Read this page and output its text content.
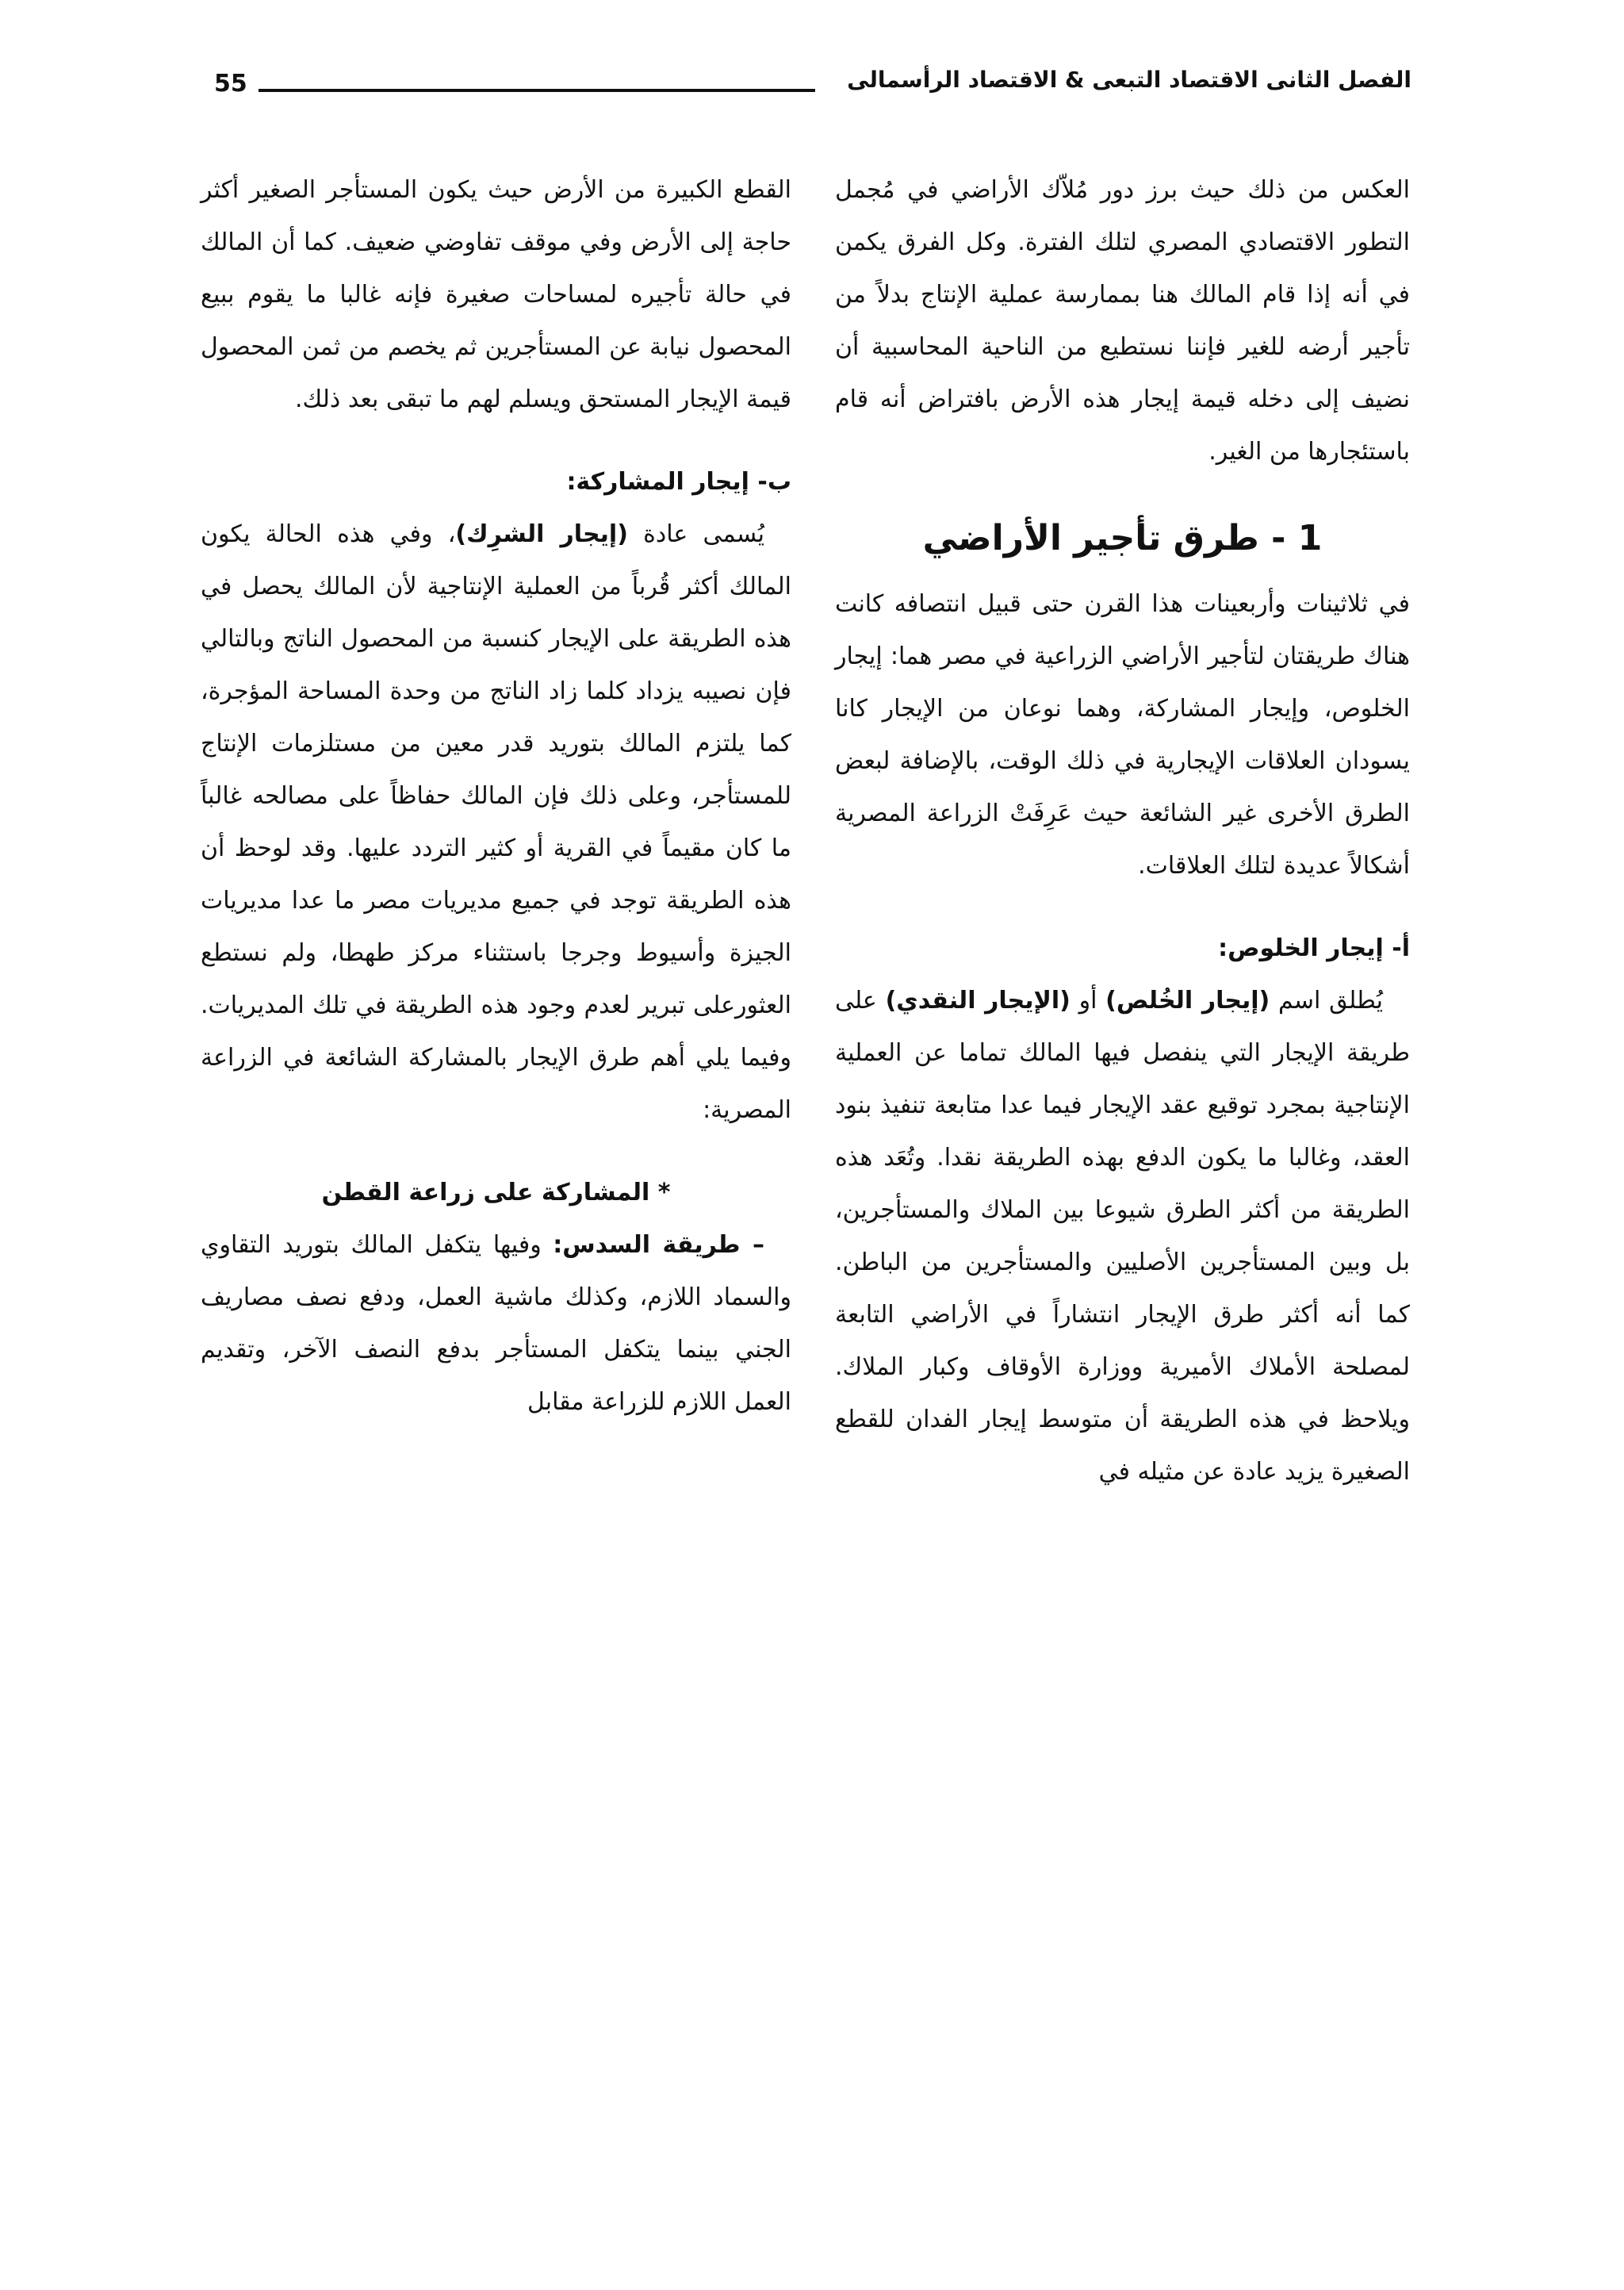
الفصل الثانى الاقتصاد التبعى & الاقتصاد الرأسمالى
55

العكس من ذلك حيث برز دور مُلاّك الأراضي في مُجمل التطور الاقتصادي المصري لتلك الفترة. وكل الفرق يكمن في أنه إذا قام المالك هنا بممارسة عملية الإنتاج بدلاً من تأجير أرضه للغير فإننا نستطيع من الناحية المحاسبية أن نضيف إلى دخله قيمة إيجار هذه الأرض بافتراض أنه قام باستئجارها من الغير.

1 - طرق تأجير الأراضي

في ثلاثينات وأربعينات هذا القرن حتى قبيل انتصافه كانت هناك طريقتان لتأجير الأراضي الزراعية في مصر هما: إيجار الخلوص، وإيجار المشاركة، وهما نوعان من الإيجار كانا يسودان العلاقات الإيجارية في ذلك الوقت، بالإضافة لبعض الطرق الأخرى غير الشائعة حيث عَرِفَتْ الزراعة المصرية أشكالاً عديدة لتلك العلاقات.

أ- إيجار الخلوص:

يُطلق اسم (إيجار الخُلص) أو (الإيجار النقدي) على طريقة الإيجار التي ينفصل فيها المالك تماما عن العملية الإنتاجية بمجرد توقيع عقد الإيجار فيما عدا متابعة تنفيذ بنود العقد، وغالبا ما يكون الدفع بهذه الطريقة نقدا. وتُعَد هذه الطريقة من أكثر الطرق شيوعا بين الملاك والمستأجرين، بل وبين المستأجرين الأصليين والمستأجرين من الباطن. كما أنه أكثر طرق الإيجار انتشاراً في الأراضي التابعة لمصلحة الأملاك الأميرية ووزارة الأوقاف وكبار الملاك. ويلاحظ في هذه الطريقة أن متوسط إيجار الفدان للقطع الصغيرة يزيد عادة عن مثيله في

القطع الكبيرة من الأرض حيث يكون المستأجر الصغير أكثر حاجة إلى الأرض وفي موقف تفاوضي ضعيف. كما أن المالك في حالة تأجيره لمساحات صغيرة فإنه غالبا ما يقوم ببيع المحصول نيابة عن المستأجرين ثم يخصم من ثمن المحصول قيمة الإيجار المستحق ويسلم لهم ما تبقى بعد ذلك.

ب- إيجار المشاركة:

يُسمى عادة (إيجار الشرِك)، وفي هذه الحالة يكون المالك أكثر قُرباً من العملية الإنتاجية لأن المالك يحصل في هذه الطريقة على الإيجار كنسبة من المحصول الناتج وبالتالي فإن نصيبه يزداد كلما زاد الناتج من وحدة المساحة المؤجرة، كما يلتزم المالك بتوريد قدر معين من مستلزمات الإنتاج للمستأجر، وعلى ذلك فإن المالك حفاظاً على مصالحه غالباً ما كان مقيماً في القرية أو كثير التردد عليها. وقد لوحظ أن هذه الطريقة توجد في جميع مديريات مصر ما عدا مديريات الجيزة وأسيوط وجرجا باستثناء مركز طهطا، ولم نستطع العثورعلى تبرير لعدم وجود هذه الطريقة في تلك المديريات. وفيما يلي أهم طرق الإيجار بالمشاركة الشائعة في الزراعة المصرية:

* المشاركة على زراعة القطن

– طريقة السدس: وفيها يتكفل المالك بتوريد التقاوي والسماد اللازم، وكذلك ماشية العمل، ودفع نصف مصاريف الجني بينما يتكفل المستأجر بدفع النصف الآخر، وتقديم العمل اللازم للزراعة مقابل
